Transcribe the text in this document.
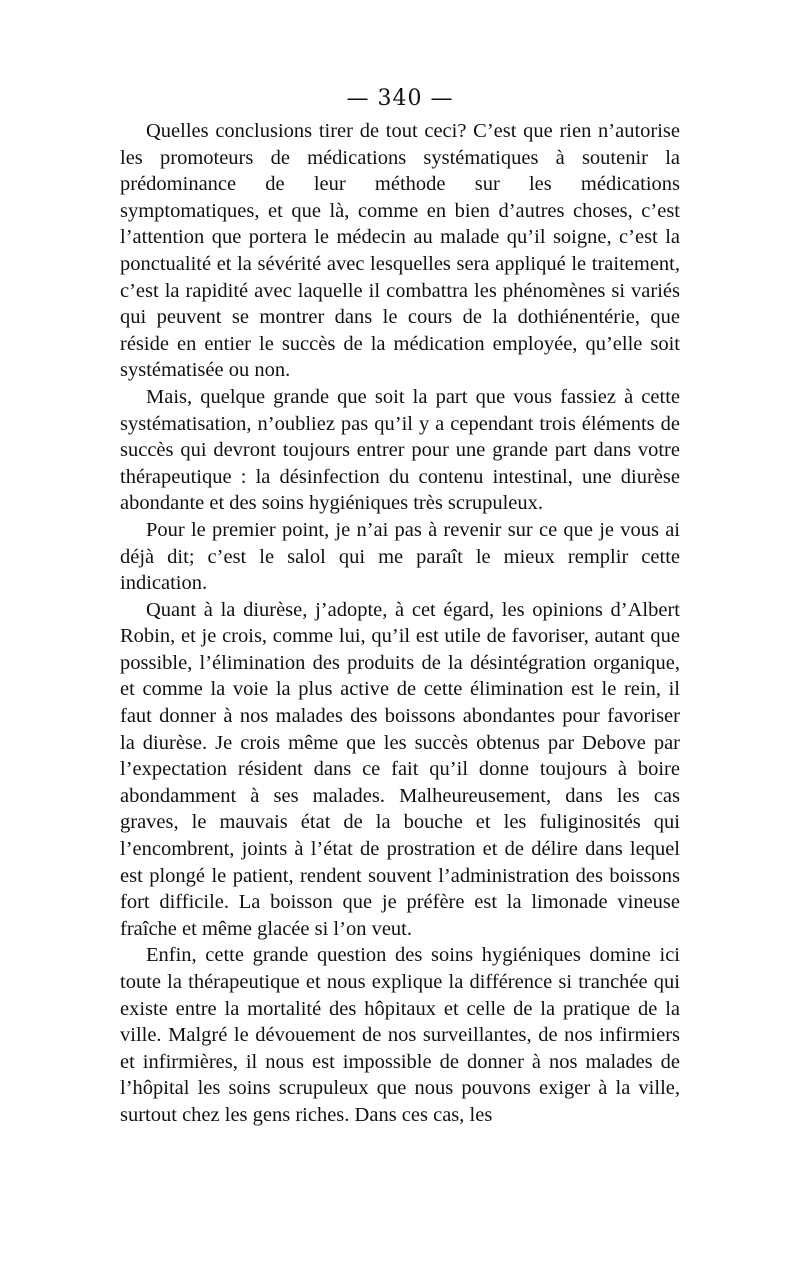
— 340 —

Quelles conclusions tirer de tout ceci? C’est que rien n’autorise les promoteurs de médications systématiques à soutenir la prédominance de leur méthode sur les médications symptomatiques, et que là, comme en bien d’autres choses, c’est l’attention que portera le médecin au malade qu’il soigne, c’est la ponctualité et la sévérité avec lesquelles sera appliqué le traitement, c’est la rapidité avec laquelle il combattra les phénomènes si variés qui peuvent se montrer dans le cours de la dothiénentérie, que réside en entier le succès de la médication employée, qu’elle soit systématisée ou non.

Mais, quelque grande que soit la part que vous fassiez à cette systématisation, n’oubliez pas qu’il y a cependant trois éléments de succès qui devront toujours entrer pour une grande part dans votre thérapeutique : la désinfection du contenu intestinal, une diurèse abondante et des soins hygiéniques très scrupuleux.

Pour le premier point, je n’ai pas à revenir sur ce que je vous ai déjà dit; c’est le salol qui me paraît le mieux remplir cette indication.

Quant à la diurèse, j’adopte, à cet égard, les opinions d’Albert Robin, et je crois, comme lui, qu’il est utile de favoriser, autant que possible, l’élimination des produits de la désintégration organique, et comme la voie la plus active de cette élimination est le rein, il faut donner à nos malades des boissons abondantes pour favoriser la diurèse. Je crois même que les succès obtenus par Debove par l’expectation résident dans ce fait qu’il donne toujours à boire abondamment à ses malades. Malheureusement, dans les cas graves, le mauvais état de la bouche et les fuliginosités qui l’encombrent, joints à l’état de prostration et de délire dans lequel est plongé le patient, rendent souvent l’administration des boissons fort difficile. La boisson que je préfère est la limonade vineuse fraîche et même glacée si l’on veut.

Enfin, cette grande question des soins hygiéniques domine ici toute la thérapeutique et nous explique la différence si tranchée qui existe entre la mortalité des hôpitaux et celle de la pratique de la ville. Malgré le dévouement de nos surveillantes, de nos infirmiers et infirmières, il nous est impossible de donner à nos malades de l’hôpital les soins scrupuleux que nous pouvons exiger à la ville, surtout chez les gens riches. Dans ces cas, les
